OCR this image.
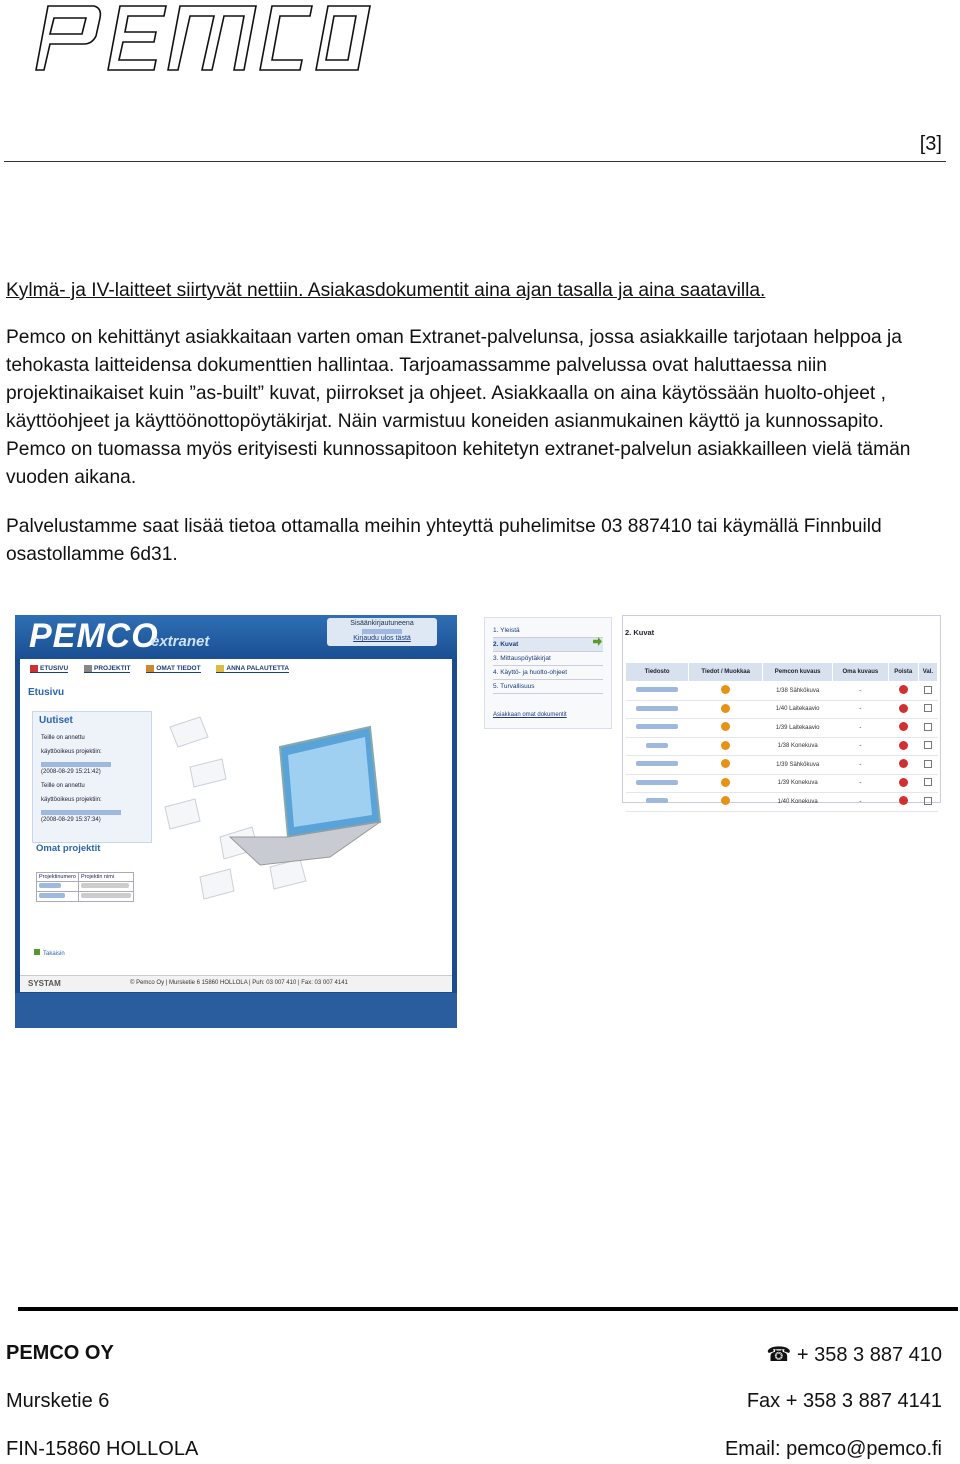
[3]

Kylmä- ja IV-laitteet siirtyvät nettiin. Asiakasdokumentit aina ajan tasalla ja aina saatavilla.

Pemco on kehittänyt asiakkaitaan varten oman Extranet-palvelunsa, jossa asiakkaille tarjotaan helppoa ja tehokasta laitteidensa dokumenttien hallintaa. Tarjoamassamme palvelussa ovat haluttaessa niin projektinaikaiset kuin ”as-built” kuvat, piirrokset ja ohjeet. Asiakkaalla on aina käytössään huolto-ohjeet , käyttöohjeet ja käyttöönottopöytäkirjat. Näin varmistuu koneiden asianmukainen käyttö ja kunnossapito. Pemco on tuomassa myös erityisesti kunnossapitoon kehitetyn extranet-palvelun asiakkailleen vielä tämän vuoden aikana.

Palvelustamme saat lisää tietoa ottamalla meihin yhteyttä puhelimitse 03 887410 tai käymällä Finnbuild osastollamme 6d31.

PEMCO
extranet
Sisäänkirjautuneena
Kirjaudu ulos tästä
ETUSIVU	PROJEKTIT	OMAT TIEDOT	ANNA PALAUTETTA
Etusivu
Uutiset
Teille on annettu
käyttöoikeus projektiin:
(2008-08-29 15:21:42)
Teille on annettu
käyttöoikeus projektiin:
(2008-08-29 15:37:34)
Omat projektit
Projektinumero	Projektin nimi

Takaisin
SYSTAM	© Pemco Oy | Mursketie 6 15860 HOLLOLA | Puh: 03 007 410 | Fax: 03 007 4141
1. Yleistä
2. Kuvat
3. Mittauspöytäkirjat
4. Käyttö- ja huolto-ohjeet
5. Turvallisuus
Asiakkaan omat dokumentit
2. Kuvat
Tiedosto	Tiedot / Muokkaa	Pemcon kuvaus	Oma kuvaus	Poista	Val.
		1/38 Sähkökuva	-		
		1/40 Laitekaavio	-		
		1/39 Laitekaavio	-		
		1/38 Konekuva	-		
		1/39 Sähkökuva	-		
		1/39 Konekuva	-		
		1/40 Konekuva	-		
PEMCO OY
Mursketie 6
FIN-15860 HOLLOLA
☎ + 358 3 887 410
Fax + 358 3 887 4141
Email: pemco@pemco.fi
